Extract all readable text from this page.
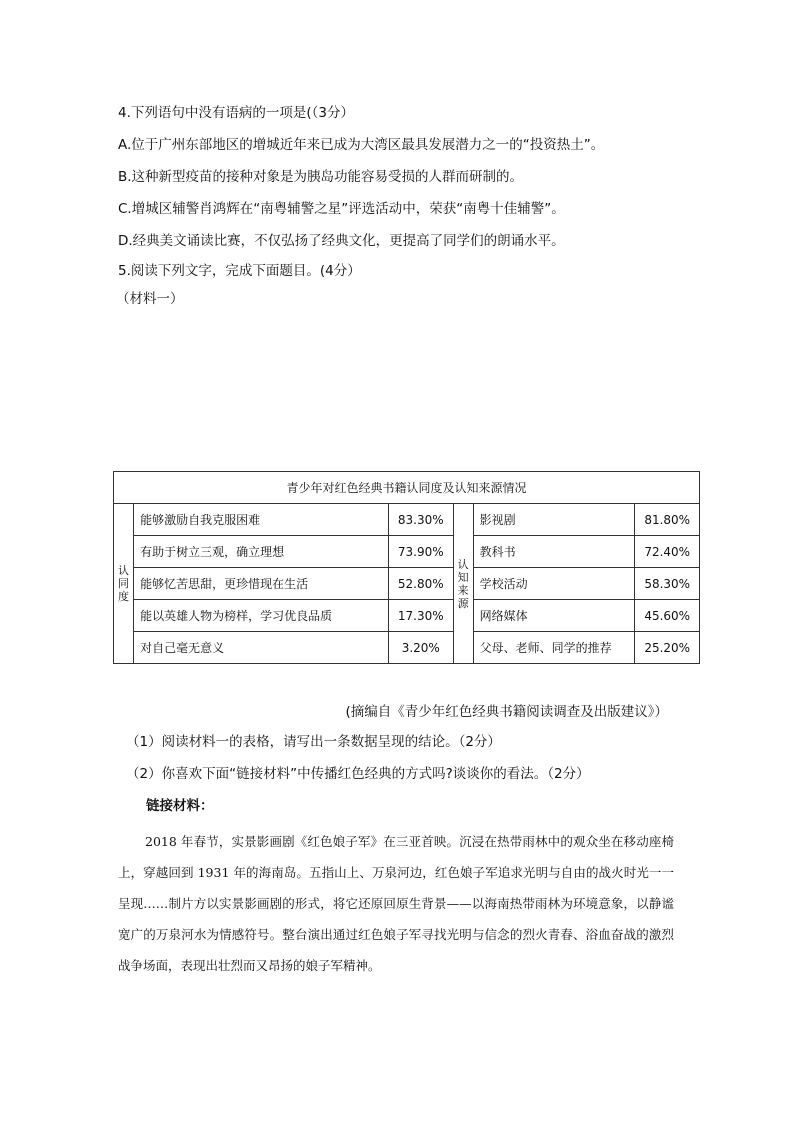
4.下列语句中没有语病的一项是(（3分）
A.位于广州东部地区的增城近年来已成为大湾区最具发展潜力之一的“投资热土”。
B.这种新型疫苗的接种对象是为胰岛功能容易受损的人群而研制的。
C.增城区辅警肖鸿辉在“南粤辅警之星”评选活动中，荣获“南粤十佳辅警”。
D.经典美文诵读比赛，不仅弘扬了经典文化，更提高了同学们的朗诵水平。
5.阅读下列文字，完成下面题目。(4分）
（材料一）
青少年对红色经典书籍认同度及认知来源情况					
认同度	能够激励自我克服困难	83.30%	认知来源	影视剧	81.80%
	有助于树立三观，确立理想	73.90%		教科书	72.40%
	能够忆苦思甜，更珍惜现在生活	52.80%		学校活动	58.30%
	能以英雄人物为榜样，学习优良品质	17.30%		网络媒体	45.60%
	对自己毫无意义	3.20%		父母、老师、同学的推荐	25.20%
(摘编自《青少年红色经典书籍阅读调查及出版建议》）
（1）阅读材料一的表格，请写出一条数据呈现的结论。（2分）
（2）你喜欢下面“链接材料”中传播红色经典的方式吗?谈谈你的看法。（2分）
链接材料：
2018 年春节，实景影画剧《红色娘子军》在三亚首映。沉浸在热带雨林中的观众坐在移动座椅上，穿越回到 1931 年的海南岛。五指山上、万泉河边，红色娘子军追求光明与自由的战火时光一一呈现……制片方以实景影画剧的形式，将它还原回原生背景——以海南热带雨林为环境意象，以静谧宽广的万泉河水为情感符号。整台演出通过红色娘子军寻找光明与信念的烈火青春、浴血奋战的激烈战争场面，表现出壮烈而又昂扬的娘子军精神。
